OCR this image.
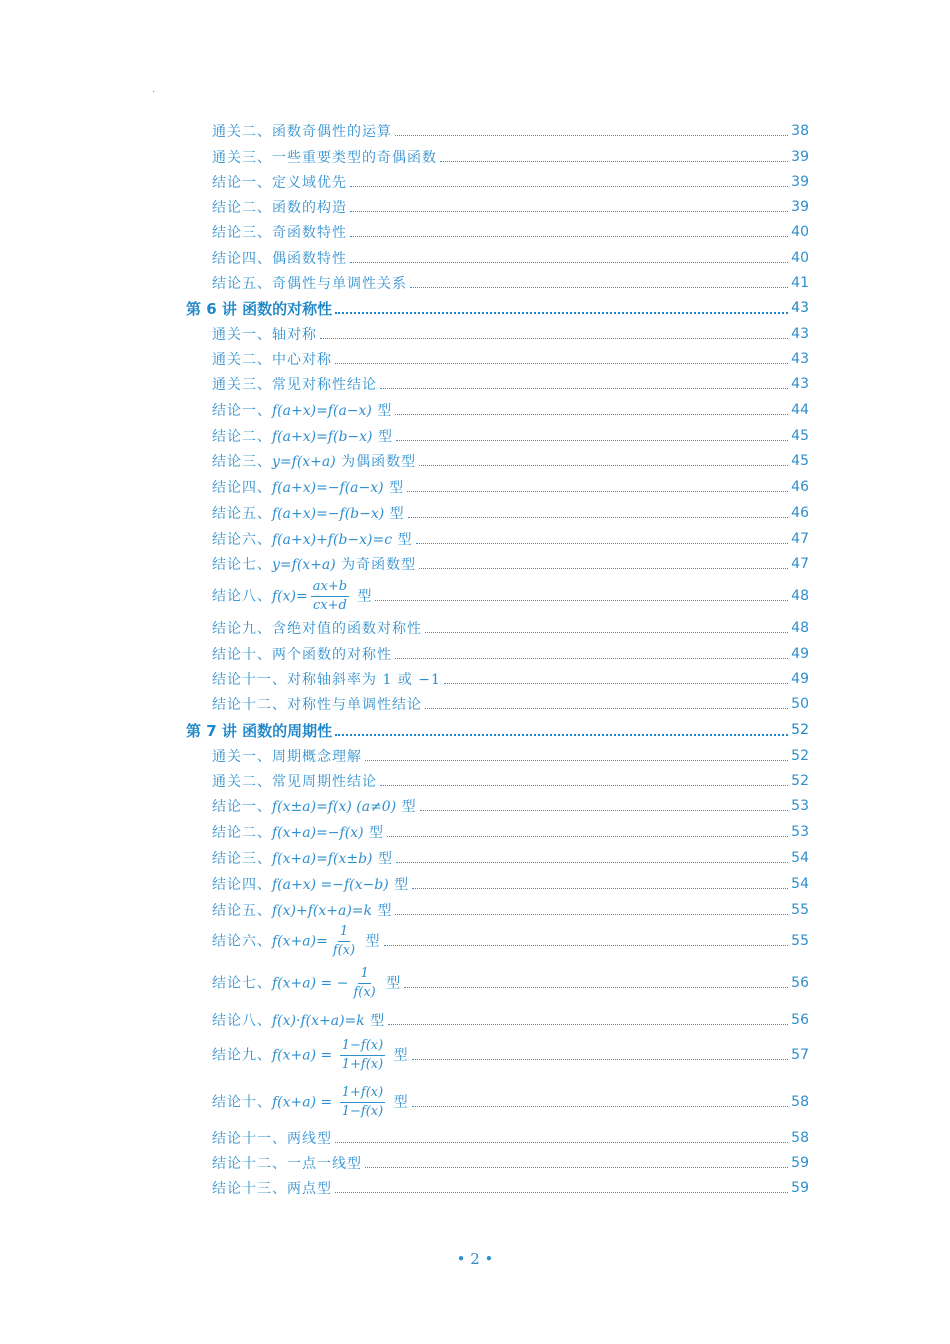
.
通关二、函数奇偶性的运算	38
通关三、一些重要类型的奇偶函数	39
结论一、定义域优先	39
结论二、函数的构造	39
结论三、奇函数特性	40
结论四、偶函数特性	40
结论五、奇偶性与单调性关系	41
第 6 讲 函数的对称性	43
通关一、轴对称	43
通关二、中心对称	43
通关三、常见对称性结论	43
结论一、f(a+x)=f(a−x) 型	44
结论二、f(a+x)=f(b−x) 型	45
结论三、y=f(x+a) 为偶函数型	45
结论四、f(a+x)=−f(a−x) 型	46
结论五、f(a+x)=−f(b−x) 型	46
结论六、f(a+x)+f(b−x)=c 型	47
结论七、y=f(x+a) 为奇函数型	47
结论八、$f(x)= \frac{ax+b}{cx+d}$ 型	48
结论九、含绝对值的函数对称性	48
结论十、两个函数的对称性	49
结论十一、对称轴斜率为 1 或 −1	49
结论十二、对称性与单调性结论	50
第 7 讲 函数的周期性	52
通关一、周期概念理解	52
通关二、常见周期性结论	52
结论一、f(x±a)=f(x) (a≠0) 型	53
结论二、f(x+a)=−f(x) 型	53
结论三、f(x+a)=f(x±b) 型	54
结论四、f(a+x) =−f(x−b) 型	54
结论五、f(x)+f(x+a)=k 型	55
结论六、$f(x+a)= \frac{1}{f(x)}$ 型	55
结论七、f(x+a) = − $\frac{1}{f(x)}$ 型	56
结论八、f(x)·f(x+a)=k 型	56
结论九、$f(x+a) = \frac{1-f(x)}{1+f(x)}$ 型	57
结论十、$f(x+a) = \frac{1+f(x)}{1-f(x)}$ 型	58
结论十一、两线型	58
结论十二、一点一线型	59
结论十三、两点型	59
• 2 •
